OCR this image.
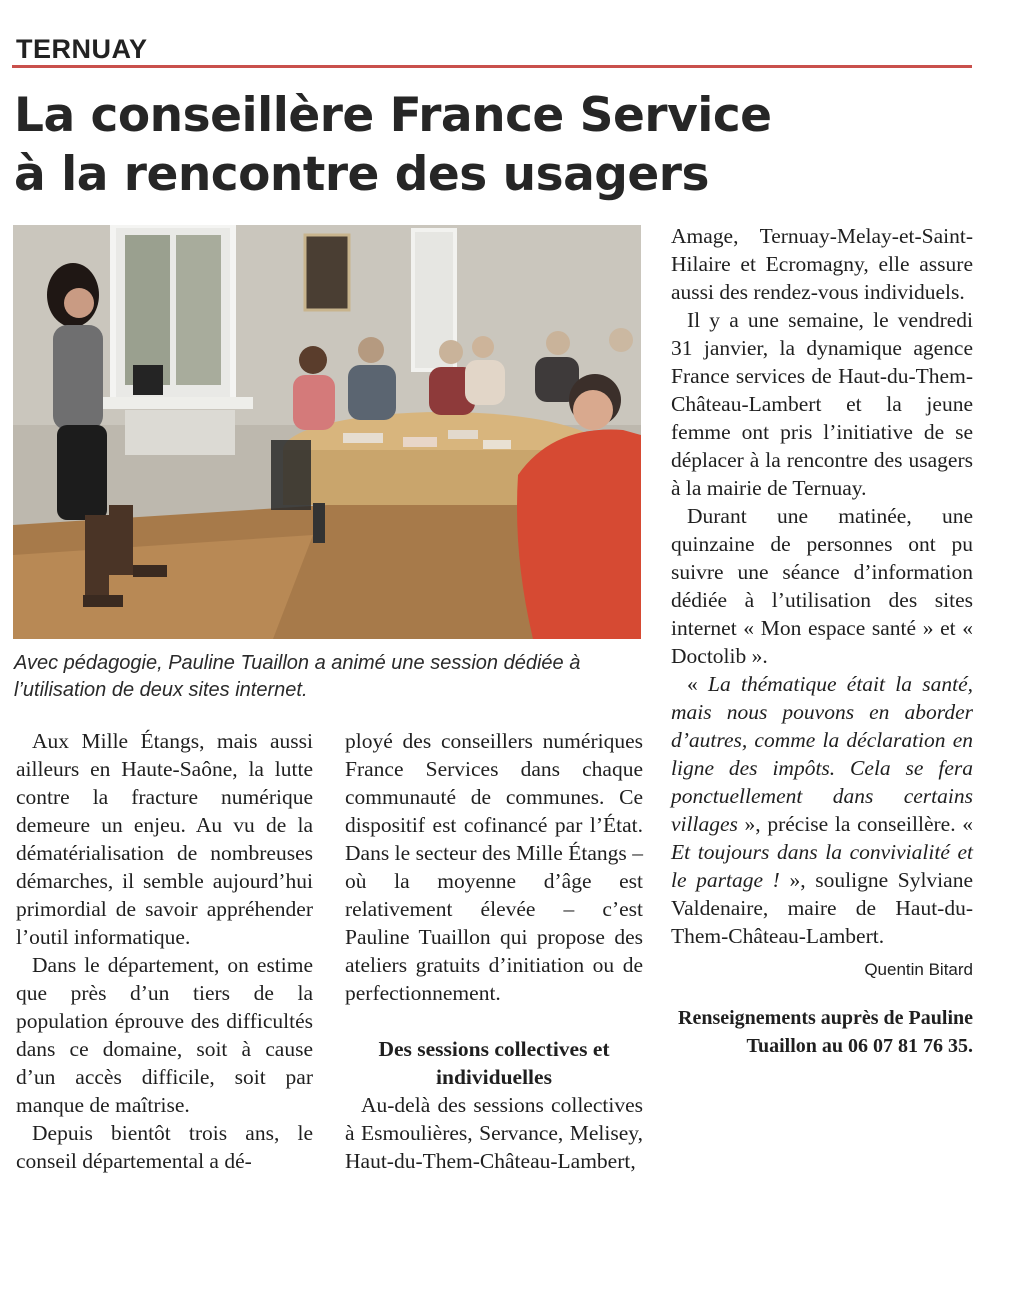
TERNUAY
La conseillère France Service
à la rencontre des usagers
Avec pédagogie, Pauline Tuaillon a animé une session dédiée à l’utilisation de deux sites internet.

Aux Mille Étangs, mais aussi ailleurs en Haute-Saône, la lutte contre la fracture numérique demeure un enjeu. Au vu de la dématérialisation de nombreuses démarches, il semble aujourd’hui primordial de savoir appréhender l’outil informatique.

Dans le département, on estime que près d’un tiers de la population éprouve des difficultés dans ce domaine, soit à cause d’un accès difficile, soit par manque de maîtrise.

Depuis bientôt trois ans, le conseil départemental a dé-

ployé des conseillers numériques France Services dans chaque communauté de communes. Ce dispositif est cofinancé par l’État. Dans le secteur des Mille Étangs – où la moyenne d’âge est relativement élevée – c’est Pauline Tuaillon qui propose des ateliers gratuits d’initiation ou de perfectionnement.

Des sessions collectives et individuelles

Au-delà des sessions collectives à Esmoulières, Servance, Melisey, Haut-du-Them-Château-Lambert,

Amage, Ternuay-Melay-et-Saint-Hilaire et Ecromagny, elle assure aussi des rendez-vous individuels.

Il y a une semaine, le vendredi 31 janvier, la dynamique agence France services de Haut-du-Them-Château-Lambert et la jeune femme ont pris l’initiative de se déplacer à la rencontre des usagers à la mairie de Ternuay.

Durant une matinée, une quinzaine de personnes ont pu suivre une séance d’information dédiée à l’utilisation des sites internet « Mon espace santé » et « Doctolib ».

« La thématique était la santé, mais nous pouvons en aborder d’autres, comme la déclaration en ligne des impôts. Cela se fera ponctuellement dans certains villages », précise la conseillère. « Et toujours dans la convivialité et le partage ! », souligne Sylviane Valdenaire, maire de Haut-du-Them-Château-Lambert.

Quentin Bitard
Renseignements auprès de Pauline Tuaillon au 06 07 81 76 35.
